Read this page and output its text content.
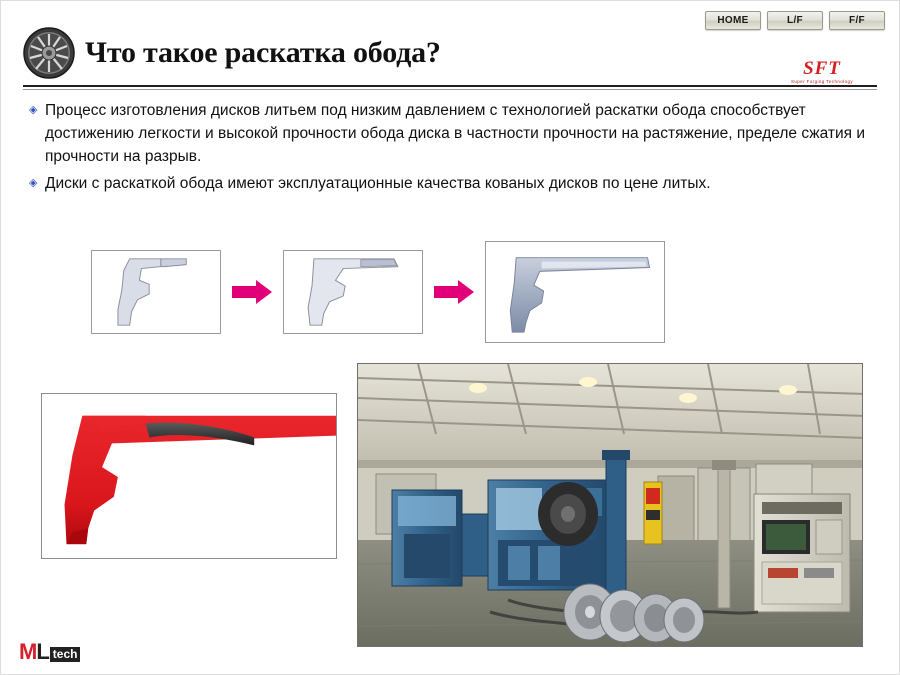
HOME	L/F	F/F
Что такое раскатка обода?	SFT
Super Forging Technology
◈ Процесс изготовления дисков литьем под низким давлением с технологией раскатки обода способствует достижению легкости и высокой прочности обода диска в частности прочности на растяжение, пределе сжатия и прочности на разрыв.
◈ Диски с раскаткой обода имеют эксплуатационные качества кованых дисков по цене литых.
M L tech
